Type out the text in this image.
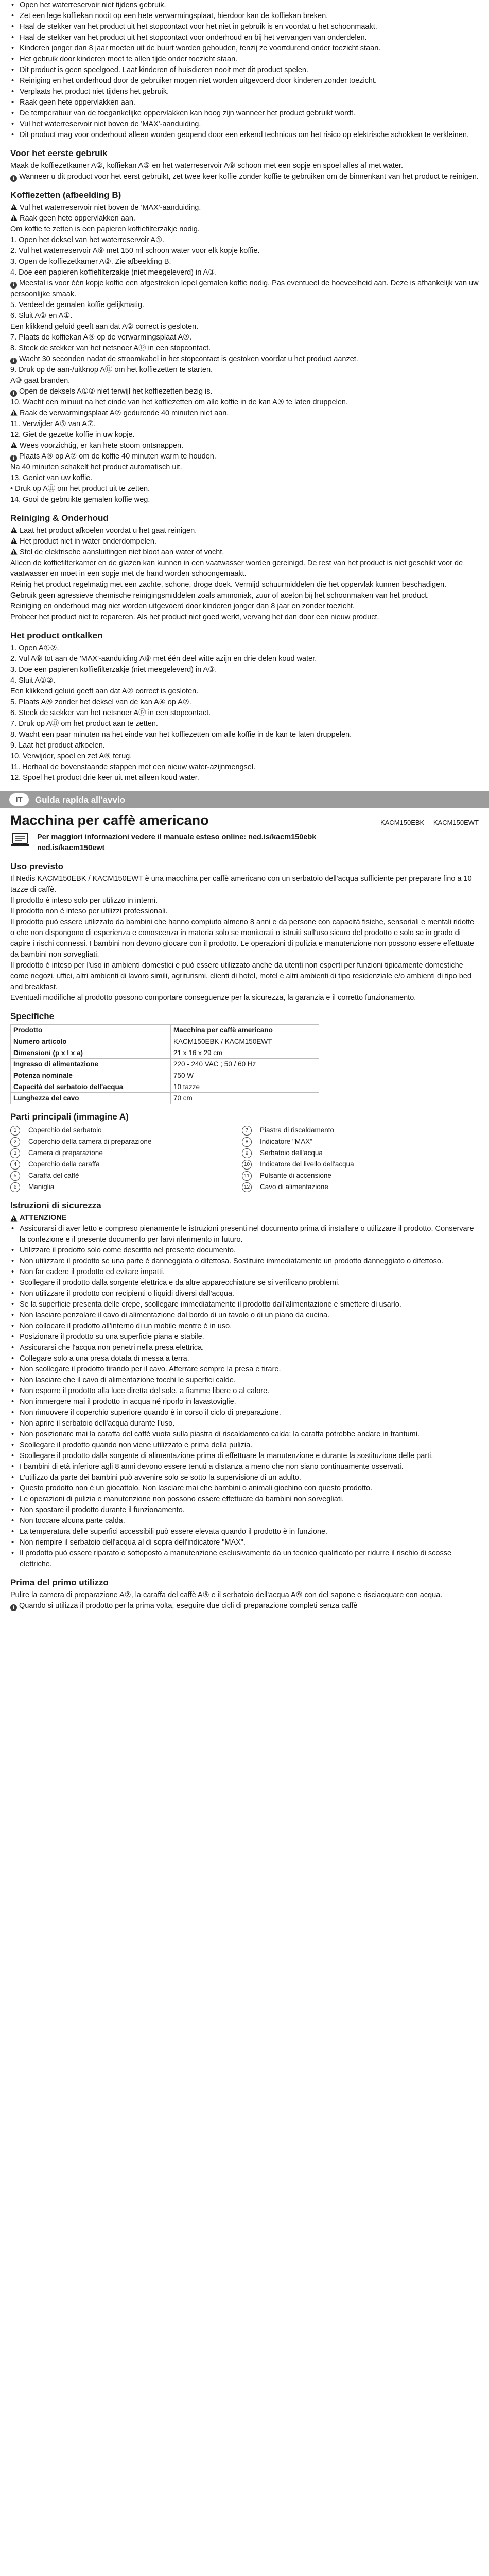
• Open het waterreservoir niet tijdens gebruik.
• Zet een lege koffiekan nooit op een hete verwarmingsplaat, hierdoor kan de koffiekan breken.
• Haal de stekker van het product uit het stopcontact voor het niet in gebruik is en voordat u het schoonmaakt.
• Haal de stekker van het product uit het stopcontact voor onderhoud en bij het vervangen van onderdelen.
• Kinderen jonger dan 8 jaar moeten uit de buurt worden gehouden, tenzij ze voortdurend onder toezicht staan.
• Het gebruik door kinderen moet te allen tijde onder toezicht staan.
• Dit product is geen speelgoed. Laat kinderen of huisdieren nooit met dit product spelen.
• Reiniging en het onderhoud door de gebruiker mogen niet worden uitgevoerd door kinderen zonder toezicht.
• Verplaats het product niet tijdens het gebruik.
• Raak geen hete oppervlakken aan.
• De temperatuur van de toegankelijke oppervlakken kan hoog zijn wanneer het product gebruikt wordt.
• Vul het waterreservoir niet boven de 'MAX'-aanduiding.
• Dit product mag voor onderhoud alleen worden geopend door een erkend technicus om het risico op elektrische schokken te verkleinen.
Voor het eerste gebruik

Maak de koffiezetkamer A②, koffiekan A⑤ en het waterreservoir A⑨ schoon met een sopje en spoel alles af met water.

i Wanneer u dit product voor het eerst gebruikt, zet twee keer koffie zonder koffie te gebruiken om de binnenkant van het product te reinigen.

Koffiezetten (afbeelding B)

Vul het waterreservoir niet boven de 'MAX'-aanduiding.

Raak geen hete oppervlakken aan.

Om koffie te zetten is een papieren koffiefilterzakje nodig.

1. Open het deksel van het waterreservoir A①.

2. Vul het waterreservoir A⑨ met 150 ml schoon water voor elk kopje koffie.

3. Open de koffiezetkamer A②. Zie afbeelding B.

4. Doe een papieren koffiefilterzakje (niet meegeleverd) in A③.

i Meestal is voor één kopje koffie een afgestreken lepel gemalen koffie nodig. Pas eventueel de hoeveelheid aan. Deze is afhankelijk van uw persoonlijke smaak.

5. Verdeel de gemalen koffie gelijkmatig.

6. Sluit A② en A①.

Een klikkend geluid geeft aan dat A② correct is gesloten.

7. Plaats de koffiekan A⑤ op de verwarmingsplaat A⑦.

8. Steek de stekker van het netsnoer A⑫ in een stopcontact.

i Wacht 30 seconden nadat de stroomkabel in het stopcontact is gestoken voordat u het product aanzet.

9. Druk op de aan-/uitknop A⑪ om het koffiezetten te starten.

A⑩ gaat branden.

i Open de deksels A①② niet terwijl het koffiezetten bezig is.

10. Wacht een minuut na het einde van het koffiezetten om alle koffie in de kan A⑤ te laten druppelen.

Raak de verwarmingsplaat A⑦ gedurende 40 minuten niet aan.

11. Verwijder A⑤ van A⑦.

12. Giet de gezette koffie in uw kopje.

Wees voorzichtig, er kan hete stoom ontsnappen.

i Plaats A⑤ op A⑦ om de koffie 40 minuten warm te houden.

Na 40 minuten schakelt het product automatisch uit.

13. Geniet van uw koffie.

• Druk op A⑪ om het product uit te zetten.

14. Gooi de gebruikte gemalen koffie weg.

Reiniging & Onderhoud

Laat het product afkoelen voordat u het gaat reinigen.

Het product niet in water onderdompelen.

Stel de elektrische aansluitingen niet bloot aan water of vocht.

Alleen de koffiefilterkamer en de glazen kan kunnen in een vaatwasser worden gereinigd. De rest van het product is niet geschikt voor de vaatwasser en moet in een sopje met de hand worden schoongemaakt.

Reinig het product regelmatig met een zachte, schone, droge doek. Vermijd schuurmiddelen die het oppervlak kunnen beschadigen.

Gebruik geen agressieve chemische reinigingsmiddelen zoals ammoniak, zuur of aceton bij het schoonmaken van het product.

Reiniging en onderhoud mag niet worden uitgevoerd door kinderen jonger dan 8 jaar en zonder toezicht.

Probeer het product niet te repareren. Als het product niet goed werkt, vervang het dan door een nieuw product.

Het product ontkalken

1. Open A①②.

2. Vul A⑨ tot aan de 'MAX'-aanduiding A⑧ met één deel witte azijn en drie delen koud water.

3. Doe een papieren koffiefilterzakje (niet meegeleverd) in A③.

4. Sluit A①②.

Een klikkend geluid geeft aan dat A② correct is gesloten.

5. Plaats A⑤ zonder het deksel van de kan A④ op A⑦.

6. Steek de stekker van het netsnoer A⑫ in een stopcontact.

7. Druk op A⑪ om het product aan te zetten.

8. Wacht een paar minuten na het einde van het koffiezetten om alle koffie in de kan te laten druppelen.

9. Laat het product afkoelen.

10. Verwijder, spoel en zet A⑤ terug.

11. Herhaal de bovenstaande stappen met een nieuw water-azijnmengsel.

12. Spoel het product drie keer uit met alleen koud water.

IT	Guida rapida all'avvio
Macchina per caffè americano	KACM150EBK KACM150EWT
Per maggiori informazioni vedere il manuale esteso online: ned.is/kacm150ebk
ned.is/kacm150ewt
Uso previsto

Il Nedis KACM150EBK / KACM150EWT è una macchina per caffè americano con un serbatoio dell'acqua sufficiente per preparare fino a 10 tazze di caffè.

Il prodotto è inteso solo per utilizzo in interni.

Il prodotto non è inteso per utilizzi professionali.

Il prodotto può essere utilizzato da bambini che hanno compiuto almeno 8 anni e da persone con capacità fisiche, sensoriali e mentali ridotte o che non dispongono di esperienza e conoscenza in materia solo se monitorati o istruiti sull'uso sicuro del prodotto e solo se in grado di capire i rischi connessi. I bambini non devono giocare con il prodotto. Le operazioni di pulizia e manutenzione non possono essere effettuate da bambini non sorvegliati.

Il prodotto è inteso per l'uso in ambienti domestici e può essere utilizzato anche da utenti non esperti per funzioni tipicamente domestiche come negozi, uffici, altri ambienti di lavoro simili, agriturismi, clienti di hotel, motel e altri ambienti di tipo residenziale e/o ambienti di tipo bed and breakfast.

Eventuali modifiche al prodotto possono comportare conseguenze per la sicurezza, la garanzia e il corretto funzionamento.

Specifiche
Prodotto	Macchina per caffè americano
Numero articolo	KACM150EBK / KACM150EWT
Dimensioni (p x l x a)	21 x 16 x 29 cm
Ingresso di alimentazione	220 - 240 VAC ; 50 / 60 Hz
Potenza nominale	750 W
Capacità del serbatoio dell'acqua	10 tazze
Lunghezza del cavo	70 cm
Parti principali (immagine A)
1	Coperchio del serbatoio	7	Piastra di riscaldamento
2	Coperchio della camera di preparazione	8	Indicatore "MAX"
3	Camera di preparazione	9	Serbatoio dell'acqua
4	Coperchio della caraffa	10 Indicatore del livello dell'acqua
5	Caraffa del caffè	11	Pulsante di accensione
6	Maniglia	12 Cavo di alimentazione
Istruzioni di sicurezza
ATTENZIONE
• Assicurarsi di aver letto e compreso pienamente le istruzioni presenti nel documento prima di installare o utilizzare il prodotto. Conservare la confezione e il presente documento per farvi riferimento in futuro.
• Utilizzare il prodotto solo come descritto nel presente documento.
• Non utilizzare il prodotto se una parte è danneggiata o difettosa. Sostituire immediatamente un prodotto danneggiato o difettoso.
• Non far cadere il prodotto ed evitare impatti.
• Scollegare il prodotto dalla sorgente elettrica e da altre apparecchiature se si verificano problemi.
• Non utilizzare il prodotto con recipienti o liquidi diversi dall'acqua.
• Se la superficie presenta delle crepe, scollegare immediatamente il prodotto dall'alimentazione e smettere di usarlo.
• Non lasciare penzolare il cavo di alimentazione dal bordo di un tavolo o di un piano da cucina.
• Non collocare il prodotto all'interno di un mobile mentre è in uso.
• Posizionare il prodotto su una superficie piana e stabile.
• Assicurarsi che l'acqua non penetri nella presa elettrica.
• Collegare solo a una presa dotata di messa a terra.
• Non scollegare il prodotto tirando per il cavo. Afferrare sempre la presa e tirare.
• Non lasciare che il cavo di alimentazione tocchi le superfici calde.
• Non esporre il prodotto alla luce diretta del sole, a fiamme libere o al calore.
• Non immergere mai il prodotto in acqua né riporlo in lavastoviglie.
• Non rimuovere il coperchio superiore quando è in corso il ciclo di preparazione.
• Non aprire il serbatoio dell'acqua durante l'uso.
• Non posizionare mai la caraffa del caffè vuota sulla piastra di riscaldamento calda: la caraffa potrebbe andare in frantumi.
• Scollegare il prodotto quando non viene utilizzato e prima della pulizia.
• Scollegare il prodotto dalla sorgente di alimentazione prima di effettuare la manutenzione e durante la sostituzione delle parti.
• I bambini di età inferiore agli 8 anni devono essere tenuti a distanza a meno che non siano continuamente osservati.
• L'utilizzo da parte dei bambini può avvenire solo se sotto la supervisione di un adulto.
• Questo prodotto non è un giocattolo. Non lasciare mai che bambini o animali giochino con questo prodotto.
• Le operazioni di pulizia e manutenzione non possono essere effettuate da bambini non sorvegliati.
• Non spostare il prodotto durante il funzionamento.
• Non toccare alcuna parte calda.
• La temperatura delle superfici accessibili può essere elevata quando il prodotto è in funzione.
• Non riempire il serbatoio dell'acqua al di sopra dell'indicatore "MAX".
• Il prodotto può essere riparato e sottoposto a manutenzione esclusivamente da un tecnico qualificato per ridurre il rischio di scosse elettriche.
Prima del primo utilizzo

Pulire la camera di preparazione A②, la caraffa del caffè A⑤ e il serbatoio dell'acqua A⑨ con del sapone e risciacquare con acqua.

i Quando si utilizza il prodotto per la prima volta, eseguire due cicli di preparazione completi senza caffè
